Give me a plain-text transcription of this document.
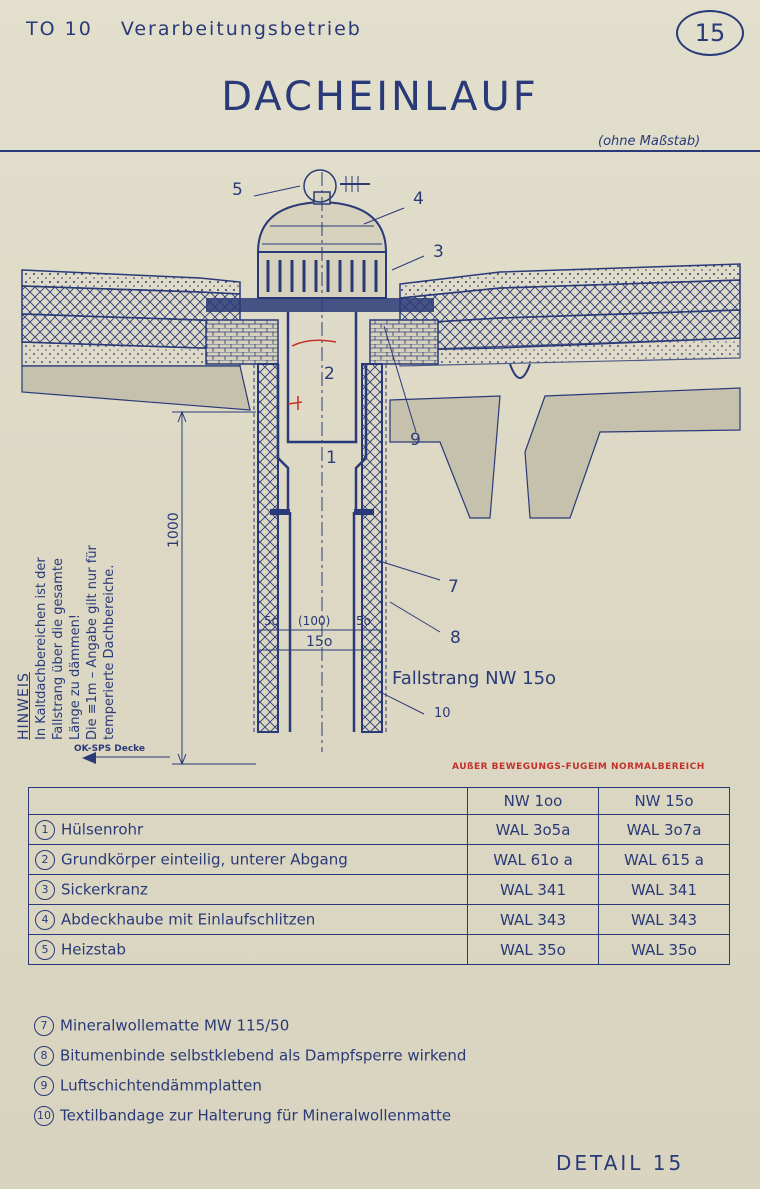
TO 10 Verarbeitungsbetrieb	15
DACHEINLAUF
(ohne Maßstab)
5	4
3
2
9
1
7
8
10
1000
5o (100) 5o
15o
Fallstrang NW 15o
OK-SPS Decke
HINWEIS In Kaltdachbereichen ist der Fallstrang über die gesamte Länge zu dämmen! Die ≡1m – Angabe gilt nur für temperierte Dachbereiche.
AUßER BEWEGUNGS-FUGE IM NORMALBEREICH
	NW 1oo	NW 15o
1 Hülsenrohr	WAL 3o5a	WAL 3o7a
2 Grundkörper einteilig, unterer Abgang	WAL 61o a	WAL 615 a
3 Sickerkranz	WAL 341	WAL 341
4 Abdeckhaube mit Einlaufschlitzen	WAL 343	WAL 343
5 Heizstab	WAL 35o	WAL 35o
7 Mineralwollematte MW 115/50
8 Bitumenbinde selbstklebend als Dampfsperre wirkend
9 Luftschichtendämmplatten
10 Textilbandage zur Halterung für Mineralwollenmatte
DETAIL 15
